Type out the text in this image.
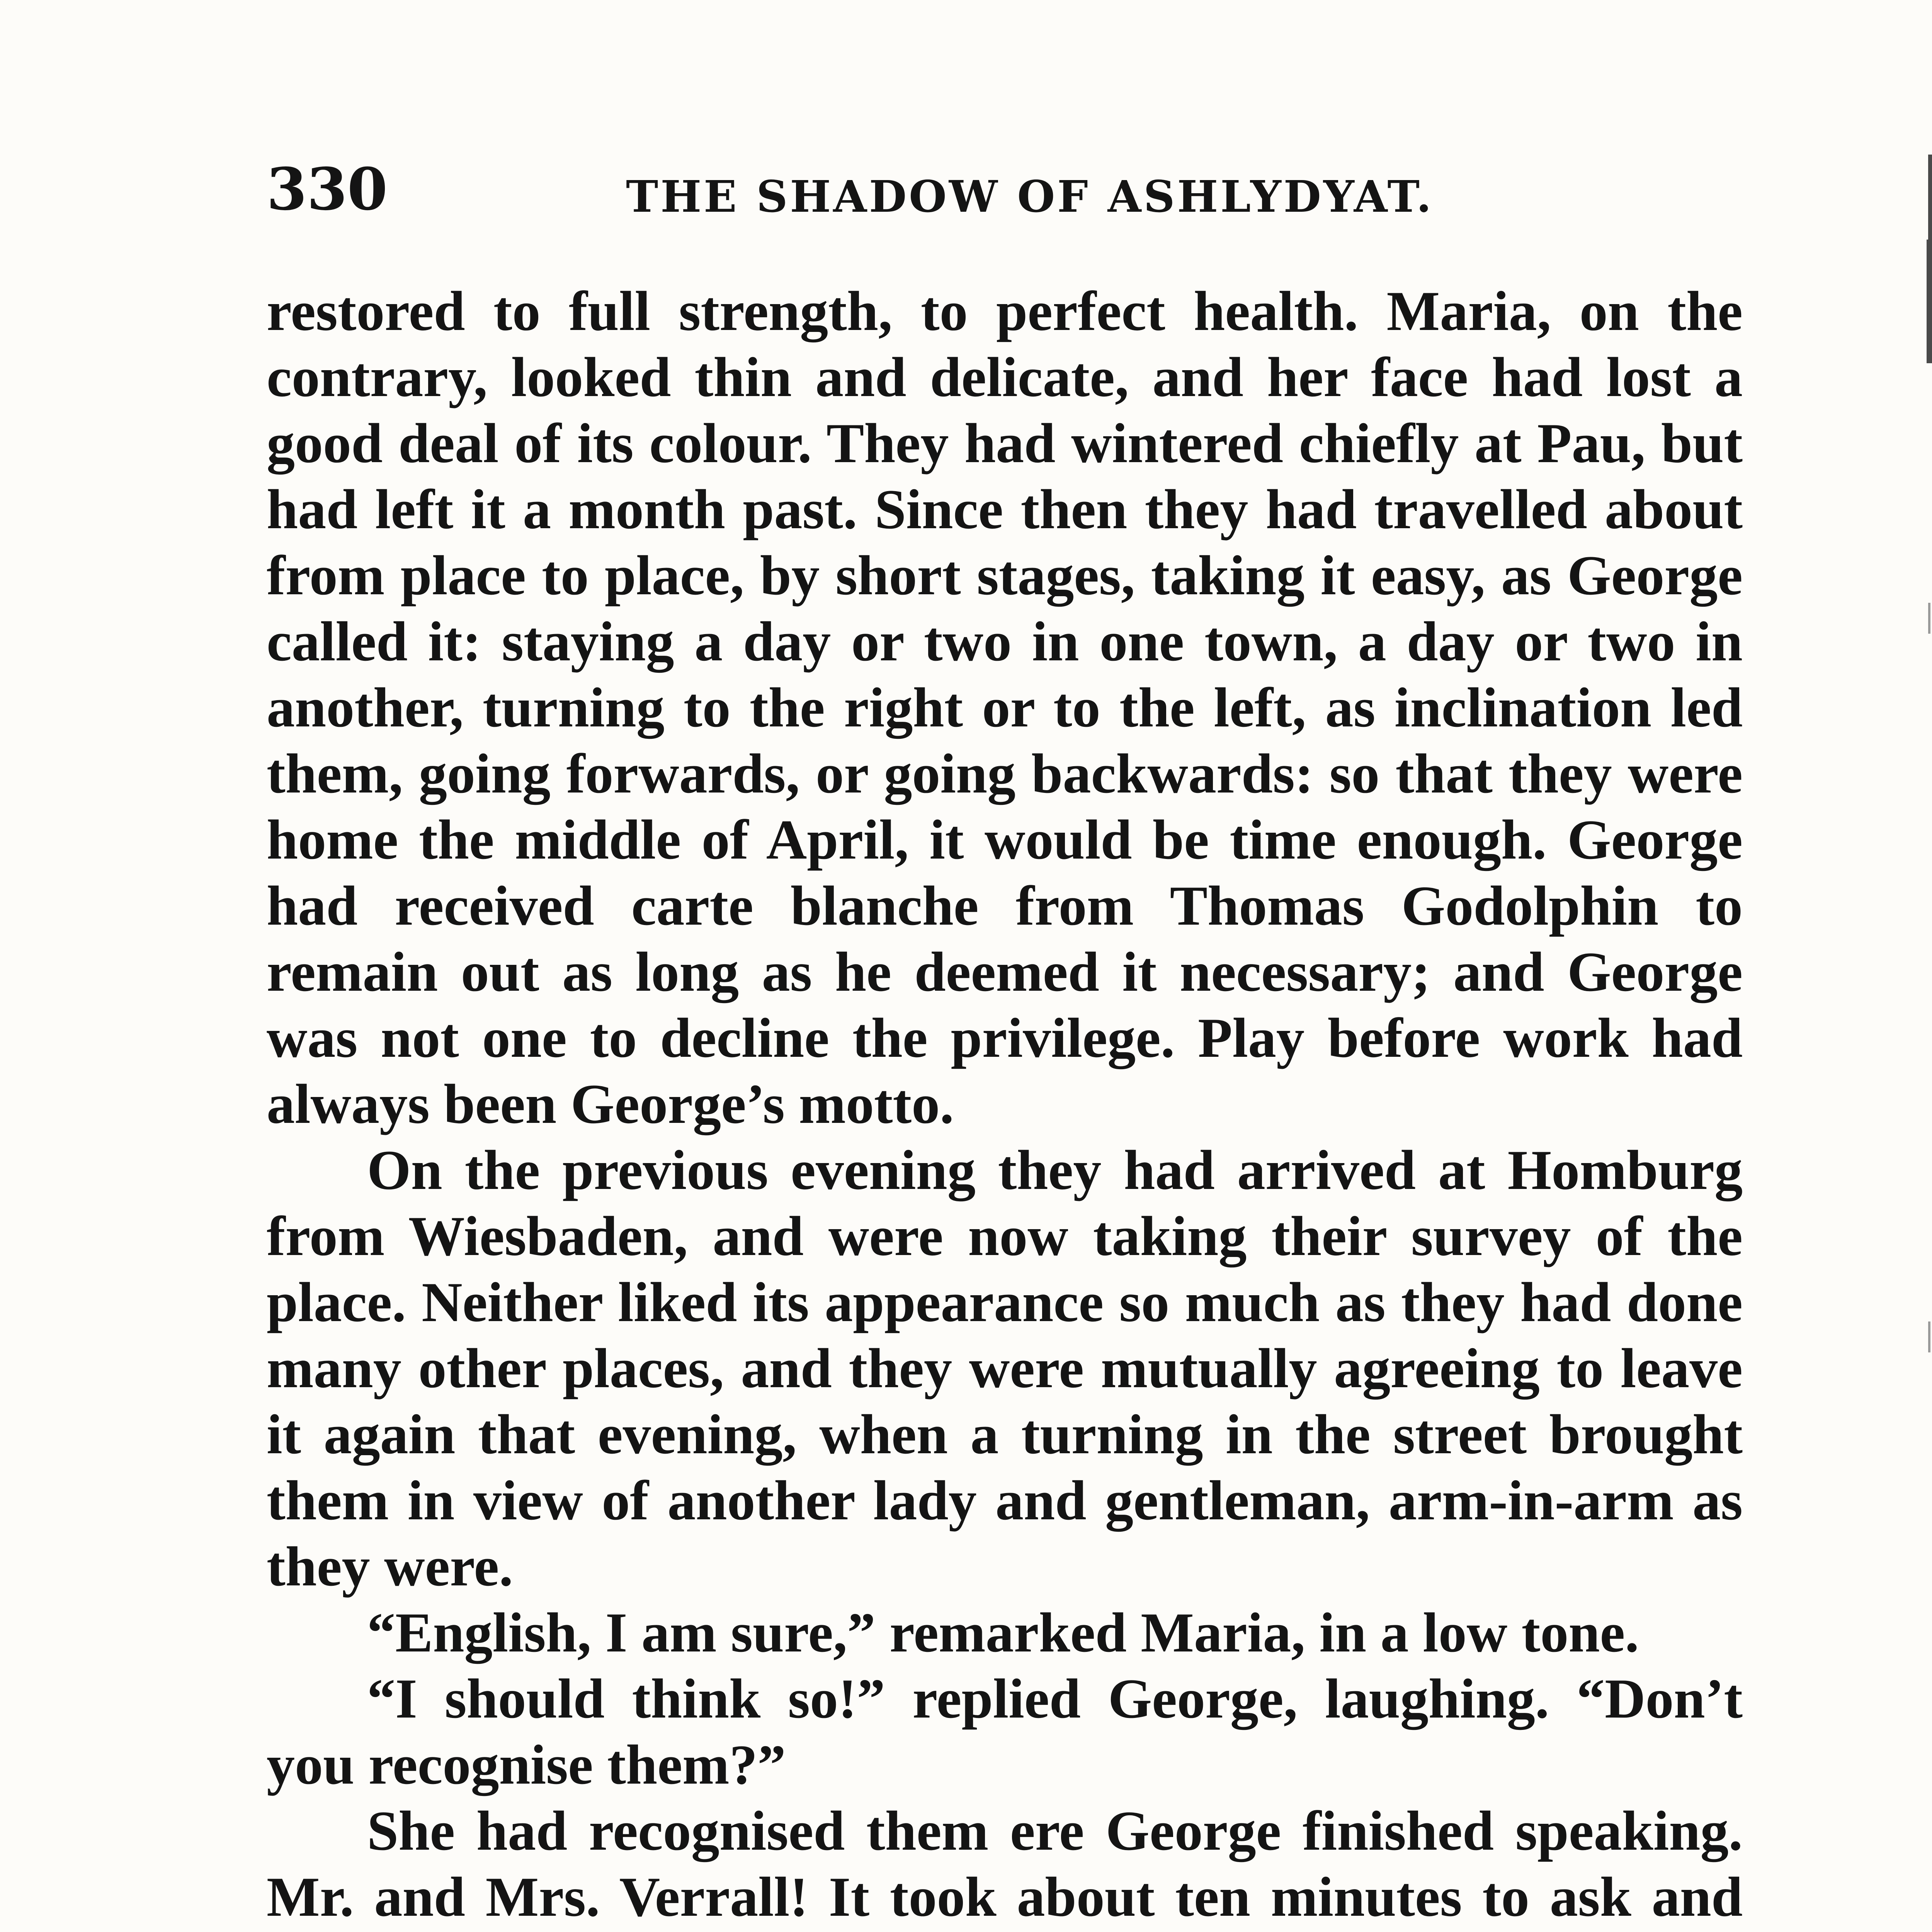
330	THE SHADOW OF ASHLYDYAT.

restored to full strength, to perfect health. Maria, on the contrary, looked thin and delicate, and her face had lost a good deal of its colour. They had wintered chiefly at Pau, but had left it a month past. Since then they had travelled about from place to place, by short stages, taking it easy, as George called it: staying a day or two in one town, a day or two in another, turning to the right or to the left, as inclination led them, going forwards, or going backwards: so that they were home the middle of April, it would be time enough. George had received carte blanche from Thomas Godolphin to remain out as long as he deemed it necessary; and George was not one to decline the privilege. Play before work had always been George’s motto.

On the previous evening they had arrived at Homburg from Wiesbaden, and were now taking their survey of the place. Neither liked its appearance so much as they had done many other places, and they were mutually agreeing to leave it again that evening, when a turning in the street brought them in view of another lady and gentleman, arm-in-arm as they were.

“English, I am sure,” remarked Maria, in a low tone.

“I should think so!” replied George, laughing. “Don’t you recognise them?”

She had recognised them ere George finished speaking. Mr. and Mrs. Verrall! It took about ten minutes to ask and
